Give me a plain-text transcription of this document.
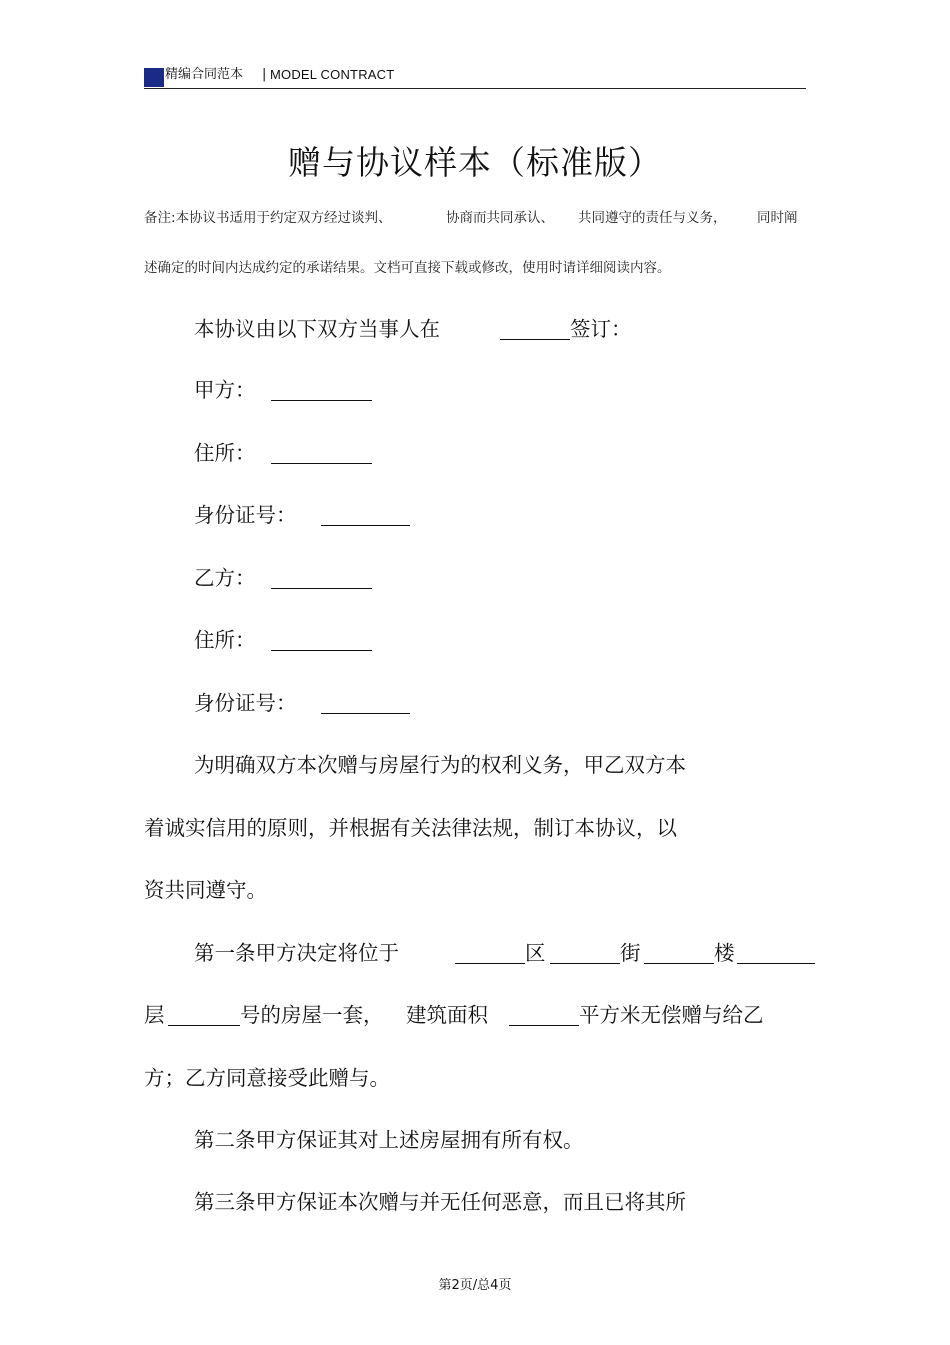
精编合同范本 | MODEL CONTRACT
赠与协议样本（标准版）
备注:本协议书适用于约定双方经过谈判、	协商而共同承认、 共同遵守的责任与义务， 同时阐
述确定的时间内达成约定的承诺结果。文档可直接下载或修改，使用时请详细阅读内容。
本协议由以下双方当事人在	签订：
甲方：
住所：
身份证号：
乙方：
住所：
身份证号：
为明确双方本次赠与房屋行为的权利义务，甲乙双方本
着诚实信用的原则，并根据有关法律法规，制订本协议，以
资共同遵守。
第一条甲方决定将位于	区	街	楼
层	号的房屋一套， 建筑面积	平方米无偿赠与给乙
方；乙方同意接受此赠与。
第二条甲方保证其对上述房屋拥有所有权。
第三条甲方保证本次赠与并无任何恶意，而且已将其所
第2页/总4页
